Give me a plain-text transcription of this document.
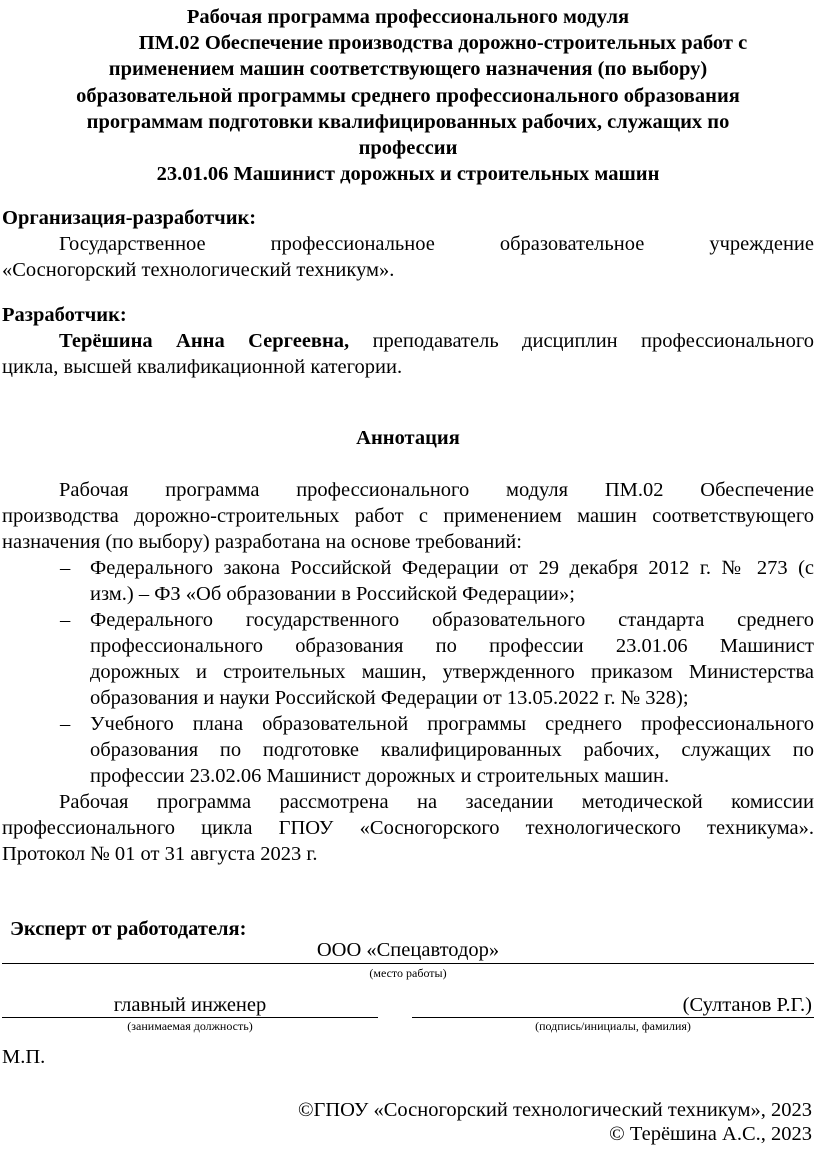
Рабочая программа профессионального модуля
ПМ.02 Обеспечение производства дорожно-строительных работ с
применением машин соответствующего назначения (по выбору)
образовательной программы среднего профессионального образования
программам подготовки квалифицированных рабочих, служащих по
профессии
23.01.06 Машинист дорожных и строительных машин
Организация-разработчик:
Государственное профессиональное образовательное учреждение
«Сосногорский технологический техникум».
Разработчик:
Терёшина Анна Сергеевна, преподаватель дисциплин профессионального
цикла, высшей квалификационной категории.
Аннотация
Рабочая программа профессионального модуля ПМ.02 Обеспечение
производства дорожно-строительных работ с применением машин соответствующего
назначения (по выбору) разработана на основе требований:
– Федерального закона Российской Федерации от 29 декабря 2012 г. № 273 (с
изм.) – ФЗ «Об образовании в Российской Федерации»;
– Федерального государственного образовательного стандарта среднего
профессионального образования по профессии 23.01.06 Машинист
дорожных и строительных машин, утвержденного приказом Министерства
образования и науки Российской Федерации от 13.05.2022 г. № 328);
– Учебного плана образовательной программы среднего профессионального
образования по подготовке квалифицированных рабочих, служащих по
профессии 23.02.06 Машинист дорожных и строительных машин.
Рабочая программа рассмотрена на заседании методической комиссии
профессионального цикла ГПОУ «Сосногорского технологического техникума».
Протокол № 01 от 31 августа 2023 г.
Эксперт от работодателя:
ООО «Спецавтодор»
(место работы)
главный инженер
(занимаемая должность)
(Султанов Р.Г.)
(подпись/инициалы, фамилия)
М.П.
©ГПОУ «Сосногорский технологический техникум», 2023
© Терёшина А.С., 2023
